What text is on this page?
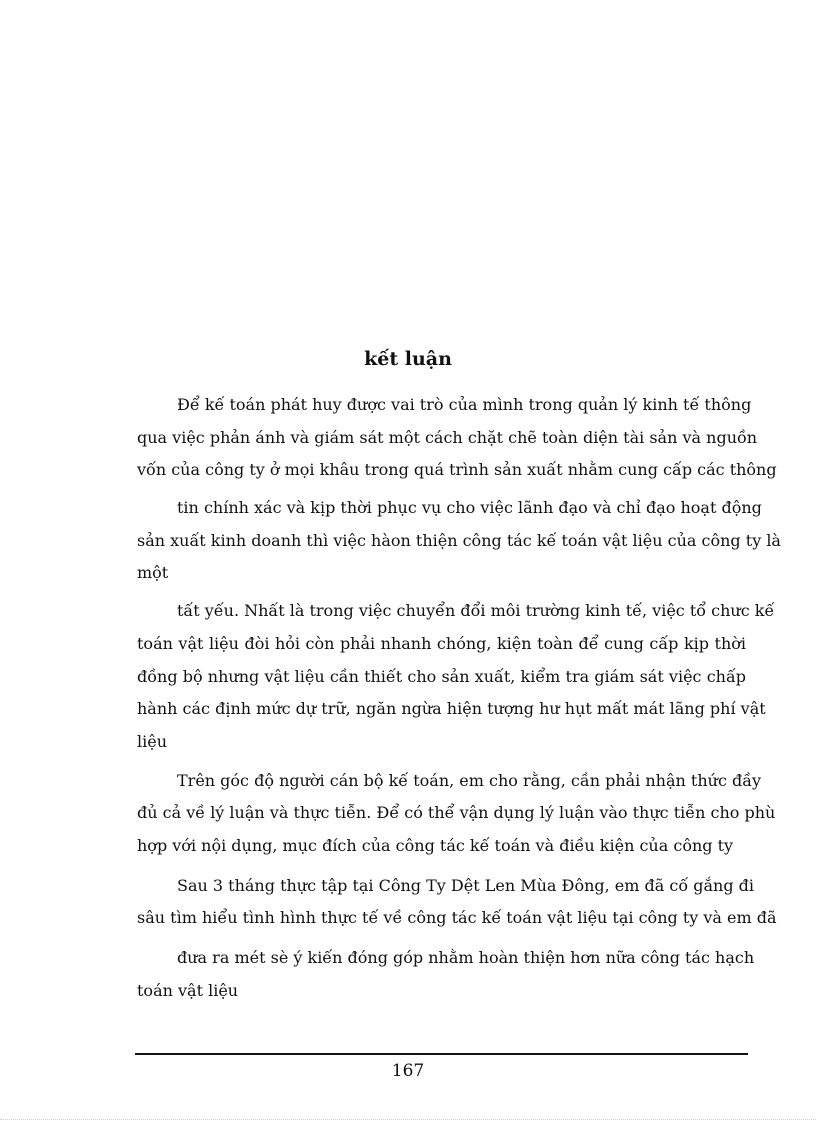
kết luận

Để kế toán phát huy được vai trò của mình trong quản lý kinh tế thông

qua việc phản ánh và giám sát một cách chặt chẽ toàn diện tài sản và nguồn

vốn của công ty ở mọi khâu trong quá trình sản xuất nhằm cung cấp các thông

tin chính xác và kịp thời phục vụ cho việc lãnh đạo và chỉ đạo hoạt động

sản xuất kinh doanh thì việc hàon thiện công tác kế toán vật liệu của công ty là

một

tất yếu. Nhất là trong việc chuyển đổi môi trường kinh tế, việc tổ chưc kế

toán vật liệu đòi hỏi còn phải nhanh chóng, kiện toàn để cung cấp kịp thời

đồng bộ nhưng vật liệu cần thiết cho sản xuất, kiểm tra giám sát việc chấp

hành các định mức dự trữ, ngăn ngừa hiện tượng hư hụt mất mát lãng phí vật

liệu

Trên góc độ người cán bộ kế toán, em cho rằng, cần phải nhận thức đầy

đủ cả về lý luận và thực tiễn. Để có thể vận dụng lý luận vào thực tiễn cho phù

hợp với nội dụng, mục đích của công tác kế toán và điều kiện của công ty

Sau 3 tháng thực tập tại Công Ty Dệt Len Mùa Đông, em đã cố gắng đi

sâu tìm hiểu tình hình thực tế về công tác kế toán vật liệu tại công ty và em đã

đưa ra mét sè ý kiến đóng góp nhằm hoàn thiện hơn nữa công tác hạch

toán vật liệu

167
